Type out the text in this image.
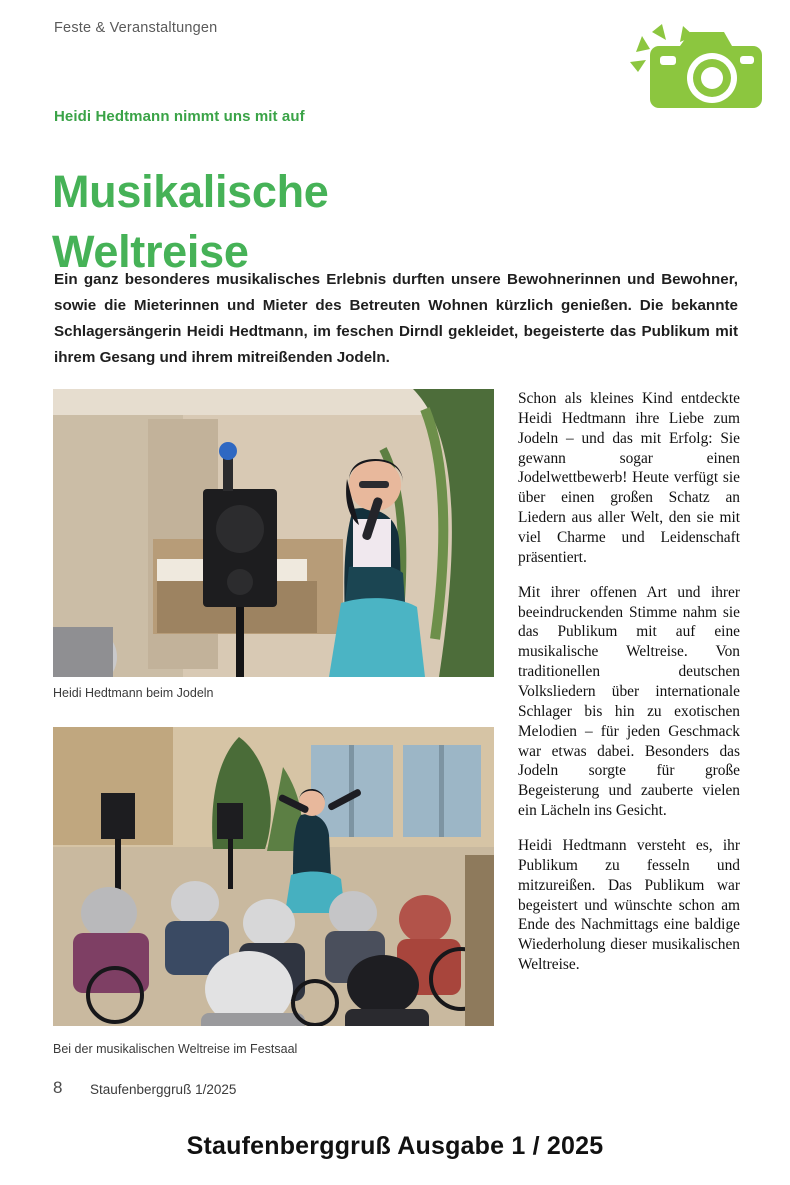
Feste & Veranstaltungen
Heidi Hedtmann nimmt uns mit auf
Musikalische Weltreise
Ein ganz besonderes musikalisches Erlebnis durften unsere Bewohnerinnen und Bewohner, sowie die Mieterinnen und Mieter des Betreuten Wohnen kürzlich genießen. Die bekannte Schlagersängerin Heidi Hedtmann, im feschen Dirndl gekleidet, begeisterte das Publikum mit ihrem Gesang und ihrem mitreißenden Jodeln.
Heidi Hedtmann beim Jodeln
Bei der musikalischen Weltreise im Festsaal

Schon als kleines Kind entdeckte Heidi Hedtmann ihre Liebe zum Jodeln – und das mit Erfolg: Sie gewann sogar einen Jodelwettbewerb! Heute verfügt sie über einen großen Schatz an Liedern aus aller Welt, den sie mit viel Charme und Leidenschaft präsentiert.

Mit ihrer offenen Art und ihrer beeindruckenden Stimme nahm sie das Publikum mit auf eine musikalische Weltreise. Von traditionellen deutschen Volksliedern über internationale Schlager bis hin zu exotischen Melodien – für jeden Geschmack war etwas dabei. Besonders das Jodeln sorgte für große Begeisterung und zauberte vielen ein Lächeln ins Gesicht.

Heidi Hedtmann versteht es, ihr Publikum zu fesseln und mitzureißen. Das Publikum war begeistert und wünschte schon am Ende des Nachmittags eine baldige Wiederholung dieser musikalischen Weltreise.

8 Staufenberggruß 1/2025
Staufenberggruß Ausgabe 1 / 2025
